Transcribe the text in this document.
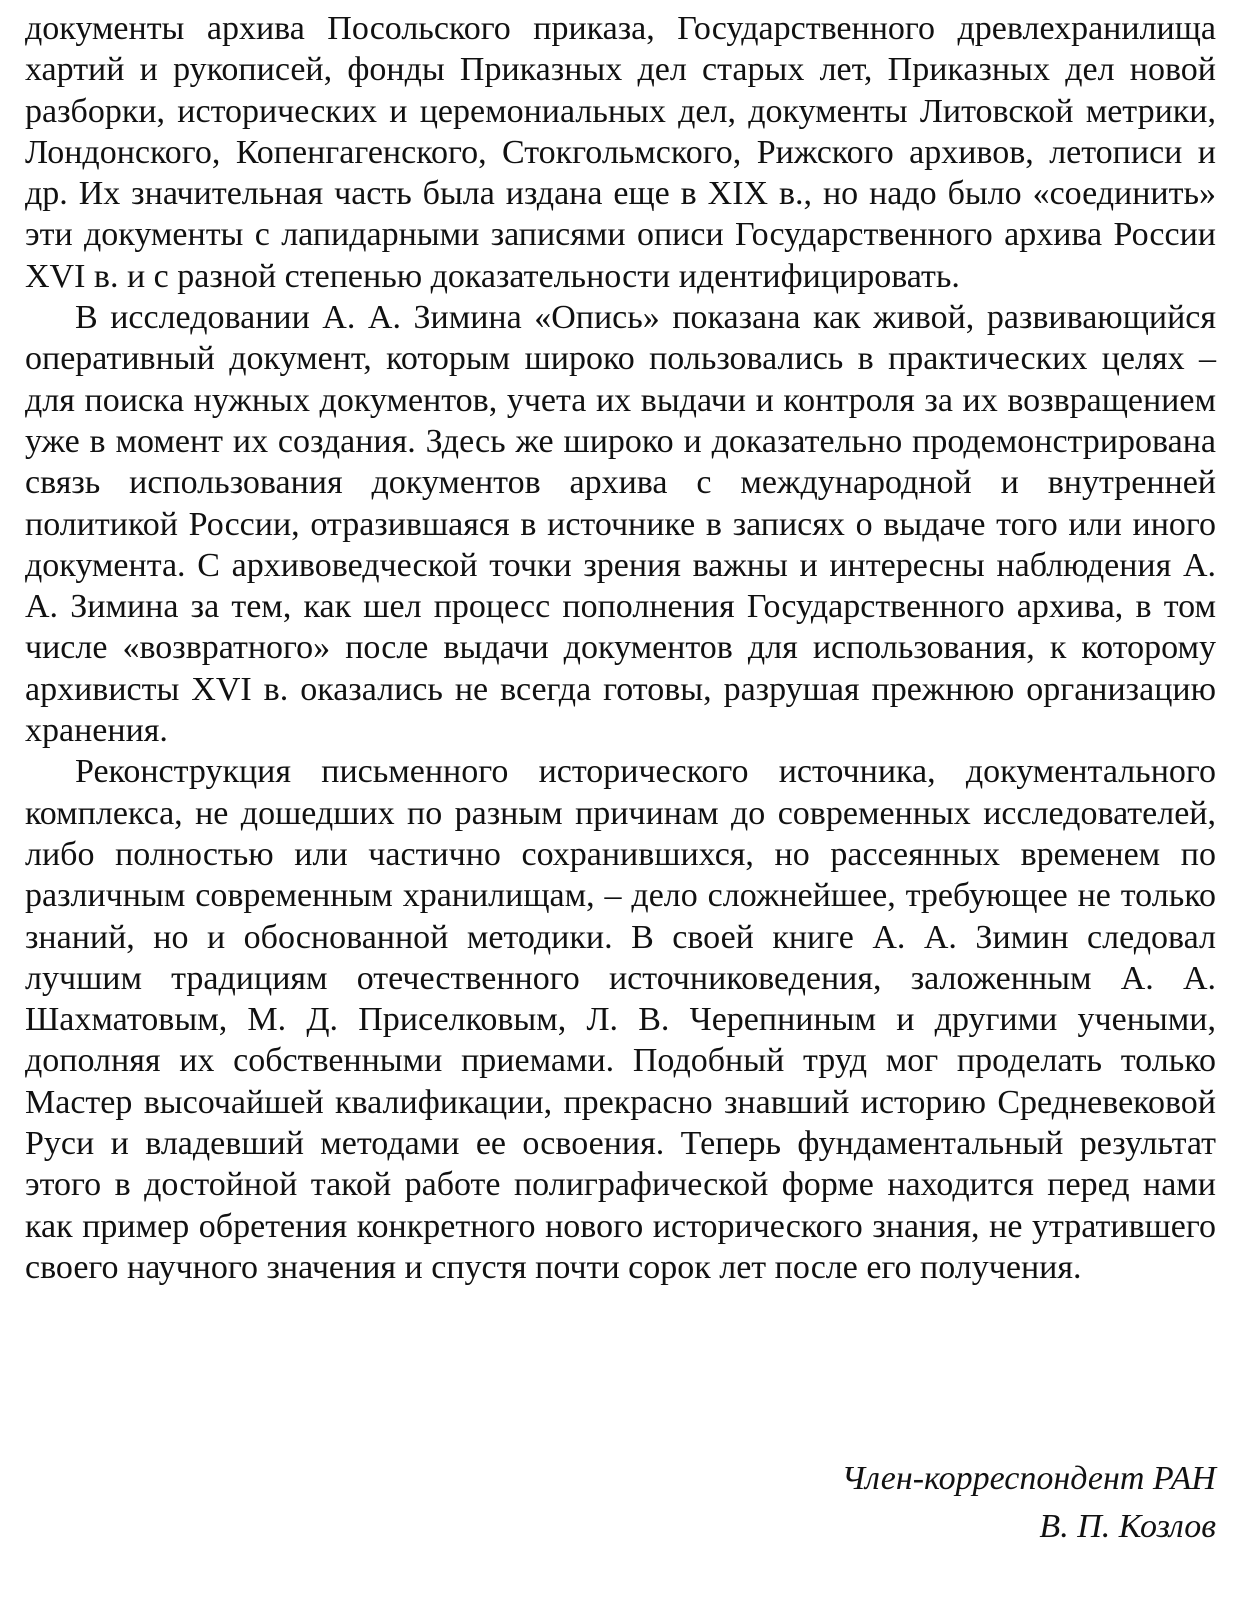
документы архива Посольского приказа, Государственного древлехранилища хартий и рукописей, фонды Приказных дел старых лет, Приказных дел новой разборки, исторических и церемониальных дел, документы Литовской метрики, Лондонского, Копенгагенского, Стокгольмского, Рижского архивов, летописи и др. Их значительная часть была издана еще в XIX в., но надо было «соединить» эти документы с лапидарными записями описи Государственного архива России XVI в. и с разной степенью доказательности идентифицировать.

В исследовании А. А. Зимина «Опись» показана как живой, развивающийся оперативный документ, которым широко пользовались в практических целях – для поиска нужных документов, учета их выдачи и контроля за их возвращением уже в момент их создания. Здесь же широко и доказательно продемонстрирована связь использования документов архива с международной и внутренней политикой России, отразившаяся в источнике в записях о выдаче того или иного документа. С архивоведческой точки зрения важны и интересны наблюдения А. А. Зимина за тем, как шел процесс пополнения Государственного архива, в том числе «возвратного» после выдачи документов для использования, к которому архивисты XVI в. оказались не всегда готовы, разрушая прежнюю организацию хранения.

Реконструкция письменного исторического источника, документального комплекса, не дошедших по разным причинам до современных исследователей, либо полностью или частично сохранившихся, но рассеянных временем по различным современным хранилищам, – дело сложнейшее, требующее не только знаний, но и обоснованной методики. В своей книге А. А. Зимин следовал лучшим традициям отечественного источниковедения, заложенным А. А. Шахматовым, М. Д. Приселковым, Л. В. Черепниным и другими учеными, дополняя их собственными приемами. Подобный труд мог проделать только Мастер высочайшей квалификации, прекрасно знавший историю Средневековой Руси и владевший методами ее освоения. Теперь фундаментальный результат этого в достойной такой работе полиграфической форме находится перед нами как пример обретения конкретного нового исторического знания, не утратившего своего научного значения и спустя почти сорок лет после его получения.

Член-корреспондент РАН
В. П. Козлов
